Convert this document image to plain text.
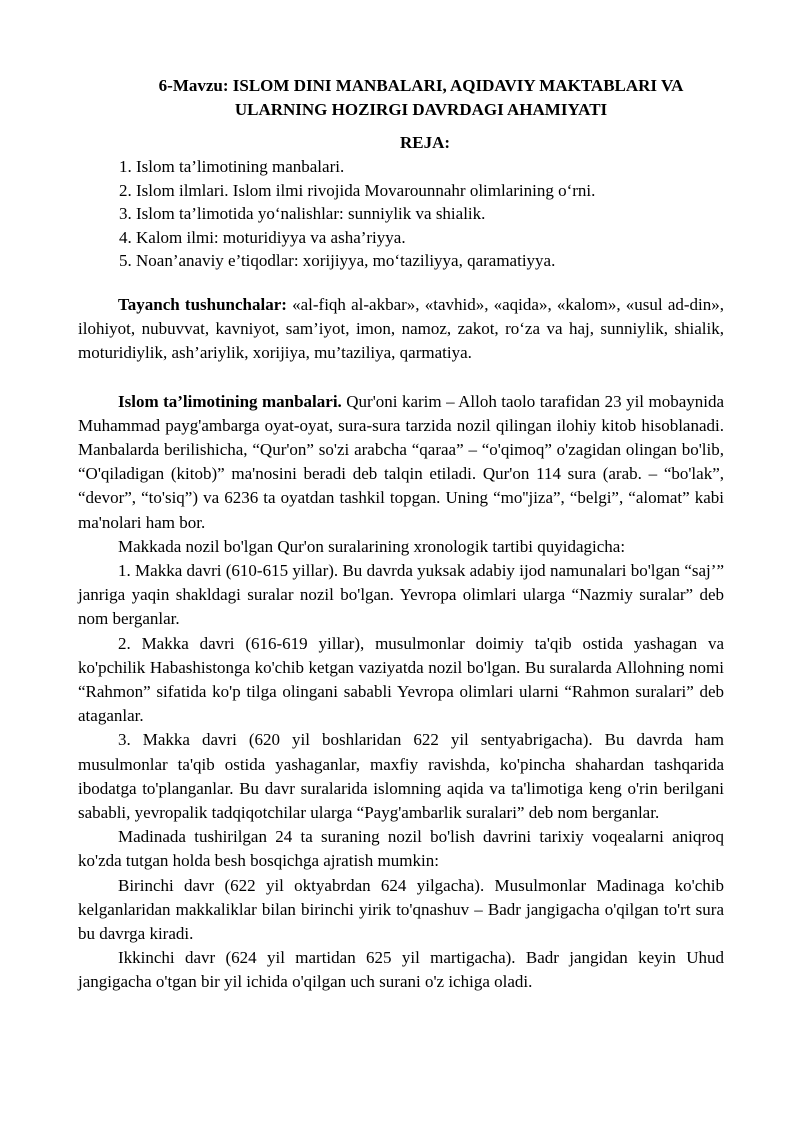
6-Mavzu: ISLOM DINI MANBALARI, AQIDAVIY MAKTABLARI VA
ULARNING HOZIRGI DAVRDAGI AHAMIYATI
REJA:
1. Islom ta’limotining manbalari.
2. Islom ilmlari. Islom ilmi rivojida Movarounnahr olimlarining o‘rni.
3. Islom ta’limotida yo‘nalishlar: sunniylik va shialik.
4. Kalom ilmi: moturidiyya va asha’riyya.
5. Noan’anaviy e’tiqodlar: xorijiyya, mo‘taziliyya, qaramatiyya.

Tayanch tushunchalar: «al-fiqh al-akbar», «tavhid», «aqida», «kalom», «usul ad-din», ilohiyot, nubuvvat, kavniyot, sam’iyot, imon, namoz, zakot, ro‘za va haj, sunniylik, shialik, moturidiylik, ash’ariylik, xorijiya, mu’taziliya, qarmatiya.

Islom ta’limotining manbalari. Qur'oni karim – Alloh taolo tarafidan 23 yil mobaynida Muhammad payg'ambarga oyat-oyat, sura-sura tarzida nozil qilingan ilohiy kitob hisoblanadi. Manbalarda berilishicha, “Qur'on” so'zi arabcha “qaraa” – “o'qimoq” o'zagidan olingan bo'lib, “O'qiladigan (kitob)” ma'nosini beradi deb talqin etiladi. Qur'on 114 sura (arab. – “bo'lak”, “devor”, “to'siq”) va 6236 ta oyatdan tashkil topgan. Uning “mo''jiza”, “belgi”, “alomat” kabi ma'nolari ham bor.

Makkada nozil bo'lgan Qur'on suralarining xronologik tartibi quyidagicha:

1. Makka davri (610-615 yillar). Bu davrda yuksak adabiy ijod namunalari bo'lgan “saj’” janriga yaqin shakldagi suralar nozil bo'lgan. Yevropa olimlari ularga “Nazmiy suralar” deb nom berganlar.

2. Makka davri (616-619 yillar), musulmonlar doimiy ta'qib ostida yashagan va ko'pchilik Habashistonga ko'chib ketgan vaziyatda nozil bo'lgan. Bu suralarda Allohning nomi “Rahmon” sifatida ko'p tilga olingani sababli Yevropa olimlari ularni “Rahmon suralari” deb ataganlar.

3. Makka davri (620 yil boshlaridan 622 yil sentyabrigacha). Bu davrda ham musulmonlar ta'qib ostida yashaganlar, maxfiy ravishda, ko'pincha shahardan tashqarida ibodatga to'planganlar. Bu davr suralarida islomning aqida va ta'limotiga keng o'rin berilgani sababli, yevropalik tadqiqotchilar ularga “Payg'ambarlik suralari” deb nom berganlar.

Madinada tushirilgan 24 ta suraning nozil bo'lish davrini tarixiy voqealarni aniqroq ko'zda tutgan holda besh bosqichga ajratish mumkin:

Birinchi davr (622 yil oktyabrdan 624 yilgacha). Musulmonlar Madinaga ko'chib kelganlaridan makkaliklar bilan birinchi yirik to'qnashuv – Badr jangigacha o'qilgan to'rt sura bu davrga kiradi.

Ikkinchi davr (624 yil martidan 625 yil martigacha). Badr jangidan keyin Uhud jangigacha o'tgan bir yil ichida o'qilgan uch surani o'z ichiga oladi.
